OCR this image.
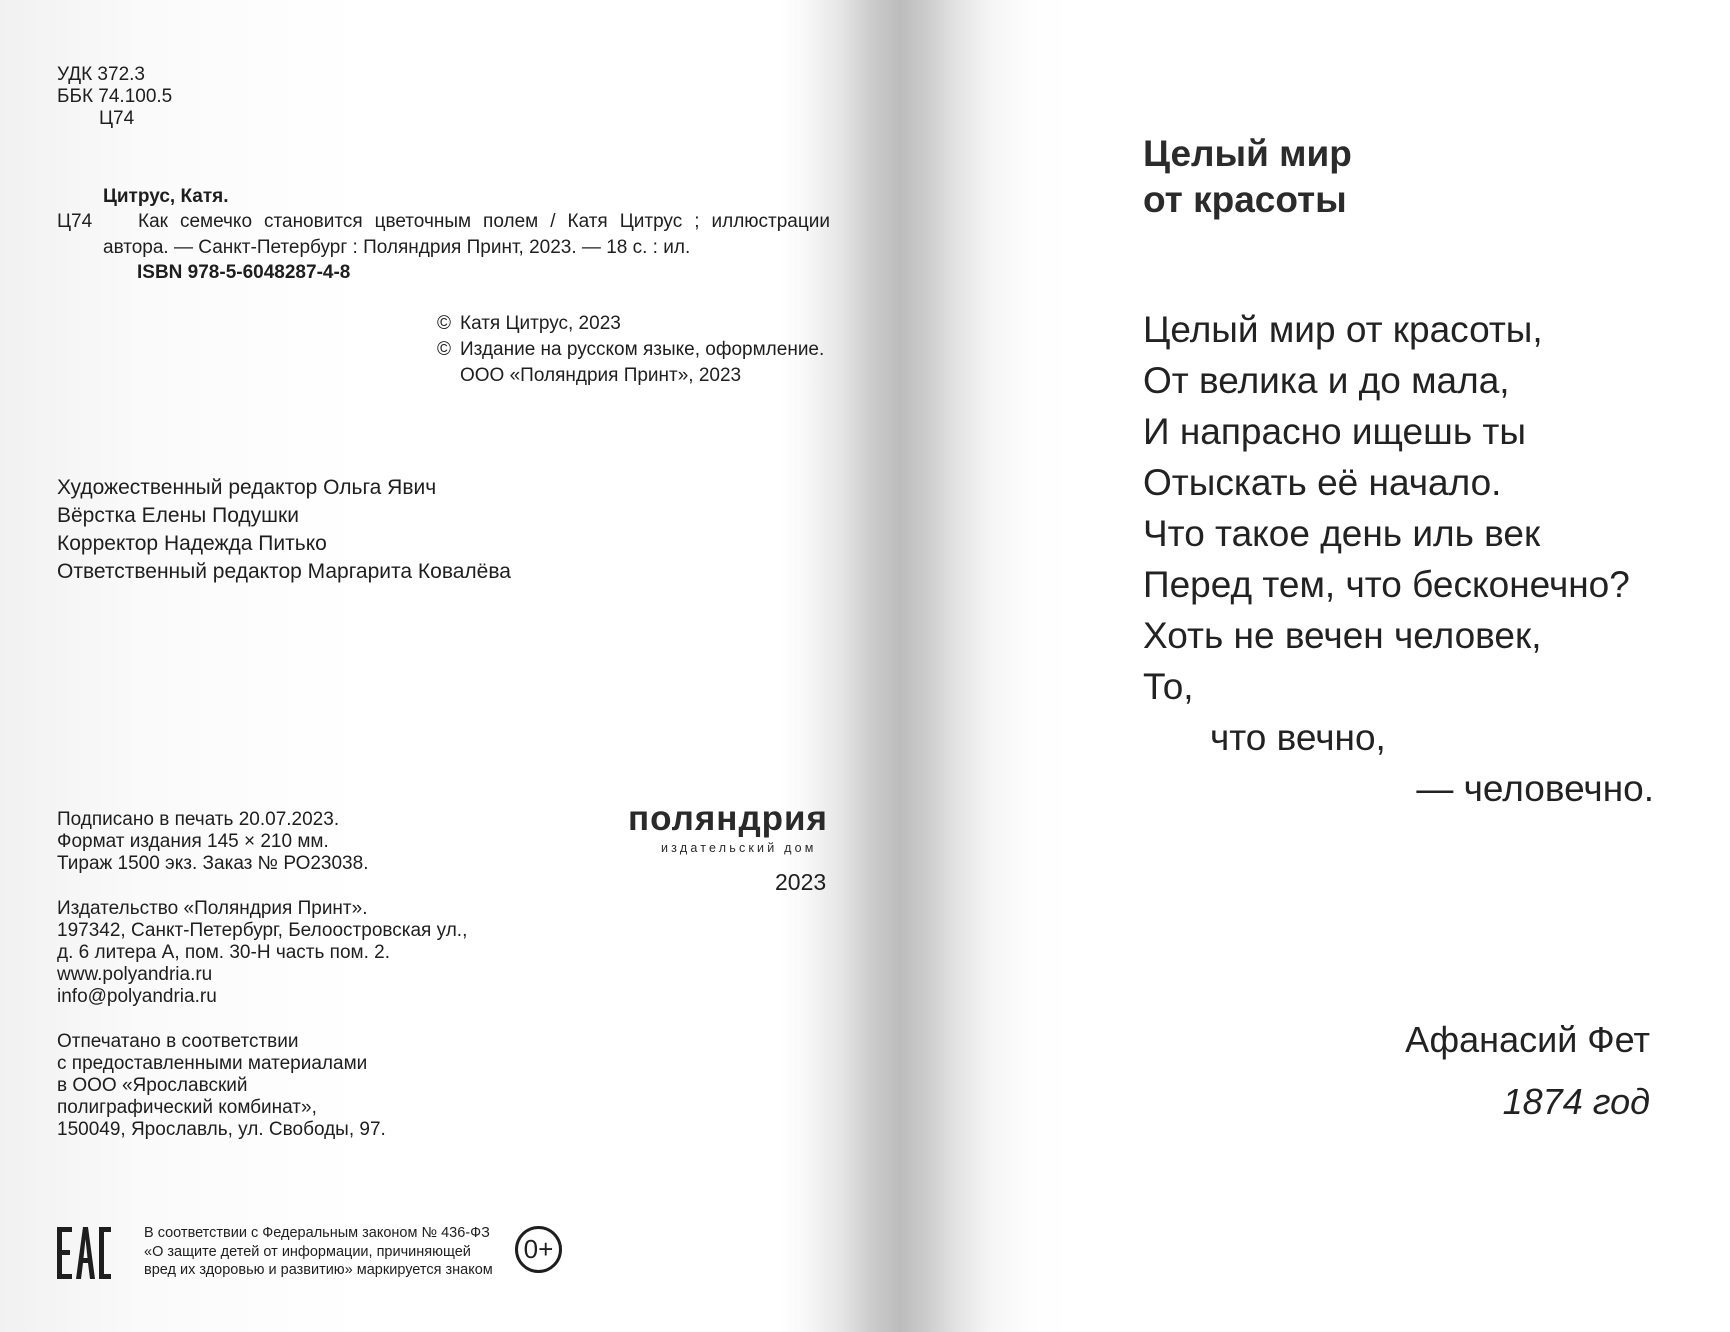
УДК 372.3
ББК 74.100.5
Ц74
Цитрус, Катя.
Ц74	Как семечко становится цветочным полем / Катя Цитрус ; иллюстрации
автора. — Санкт-Петербург : Поляндрия Принт, 2023. — 18 с. : ил.
ISBN 978-5-6048287-4-8
© Катя Цитрус, 2023
© Издание на русском языке, оформление.
ООО «Поляндрия Принт», 2023
Художественный редактор Ольга Явич
Вёрстка Елены Подушки
Корректор Надежда Питько
Ответственный редактор Маргарита Ковалёва
Подписано в печать 20.07.2023.
Формат издания 145 × 210 мм.
Тираж 1500 экз. Заказ № РО23038.
Издательство «Поляндрия Принт».
197342, Санкт-Петербург, Белоостровская ул.,
д. 6 литера А, пом. 30-Н часть пом. 2.
www.polyandria.ru
info@polyandria.ru
Отпечатано в соответствии
с предоставленными материалами
в ООО «Ярославский
полиграфический комбинат»,
150049, Ярославль, ул. Свободы, 97.
поляндрия
издательский дом
2023
В соответствии с Федеральным законом № 436-ФЗ
«О защите детей от информации, причиняющей
вред их здоровью и развитию» маркируется знаком
0+
Целый мир
от красоты
Целый мир от красоты,
От велика и до мала,
И напрасно ищешь ты
Отыскать её начало.
Что такое день иль век
Перед тем, что бесконечно?
Хоть не вечен человек,
То,
что вечно,
— человечно.
Афанасий Фет
1874 год
